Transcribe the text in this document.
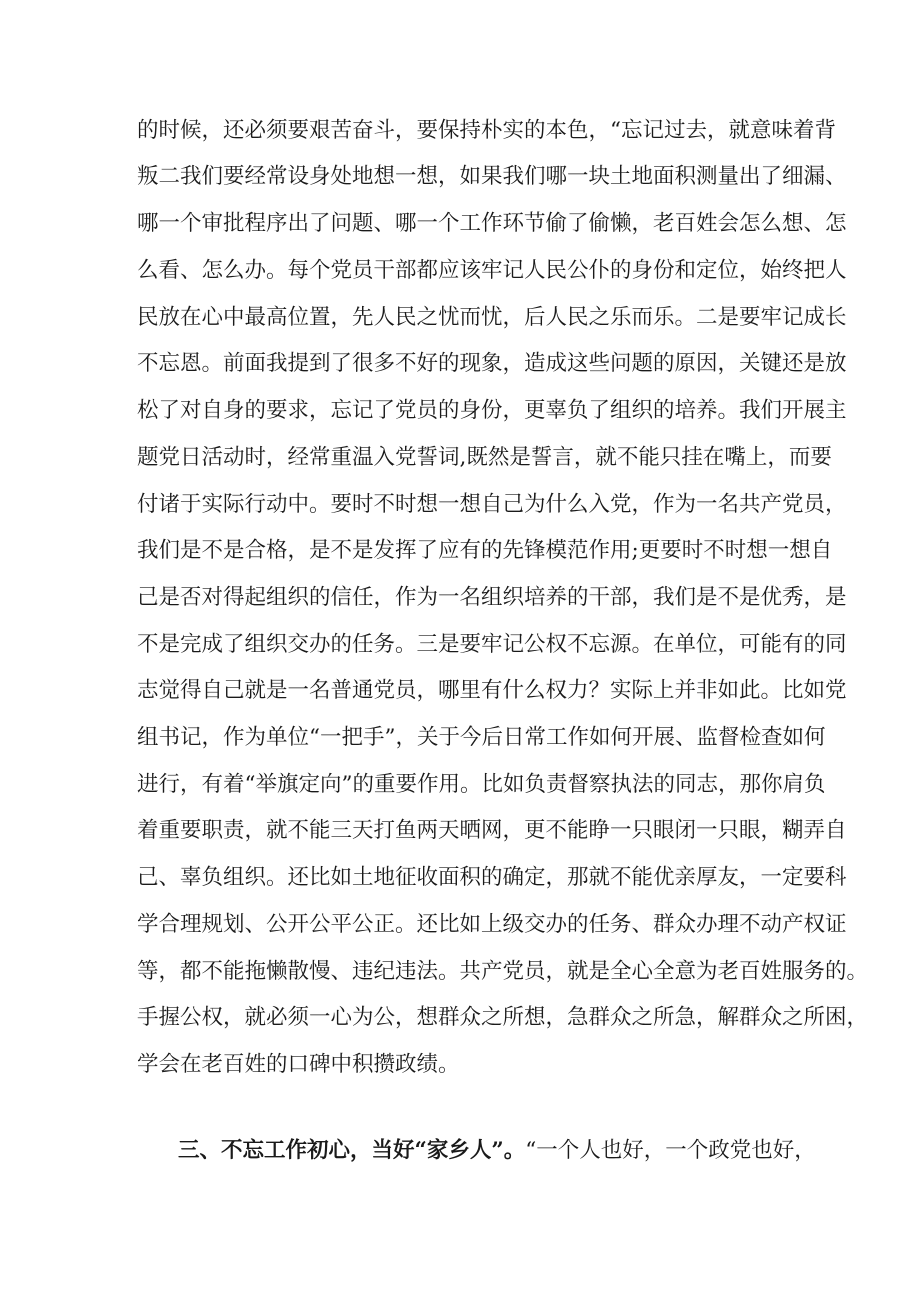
的时候，还必须要艰苦奋斗，要保持朴实的本色，“忘记过去，就意味着背
叛二我们要经常设身处地想一想，如果我们哪一块土地面积测量出了细漏、
哪一个审批程序出了问题、哪一个工作环节偷了偷懒，老百姓会怎么想、怎
么看、怎么办。每个党员干部都应该牢记人民公仆的身份和定位，始终把人
民放在心中最高位置，先人民之忧而忧，后人民之乐而乐。二是要牢记成长
不忘恩。前面我提到了很多不好的现象，造成这些问题的原因，关键还是放
松了对自身的要求，忘记了党员的身份，更辜负了组织的培养。我们开展主
题党日活动时，经常重温入党誓词,既然是誓言，就不能只挂在嘴上，而要
付诸于实际行动中。要时不时想一想自己为什么入党，作为一名共产党员，
我们是不是合格，是不是发挥了应有的先锋模范作用;更要时不时想一想自
己是否对得起组织的信任，作为一名组织培养的干部，我们是不是优秀，是
不是完成了组织交办的任务。三是要牢记公权不忘源。在单位，可能有的同
志觉得自己就是一名普通党员，哪里有什么权力？实际上并非如此。比如党
组书记，作为单位“一把手”，关于今后日常工作如何开展、监督检查如何
进行，有着“举旗定向”的重要作用。比如负责督察执法的同志，那你肩负
着重要职责，就不能三天打鱼两天晒网，更不能睁一只眼闭一只眼，糊弄自
己、辜负组织。还比如土地征收面积的确定，那就不能优亲厚友，一定要科
学合理规划、公开公平公正。还比如上级交办的任务、群众办理不动产权证
等，都不能拖懒散慢、违纪违法。共产党员，就是全心全意为老百姓服务的。
手握公权，就必须一心为公，想群众之所想，急群众之所急，解群众之所困，
学会在老百姓的口碑中积攒政绩。
三、不忘工作初心，当好“家乡人”。“一个人也好，一个政党也好，
